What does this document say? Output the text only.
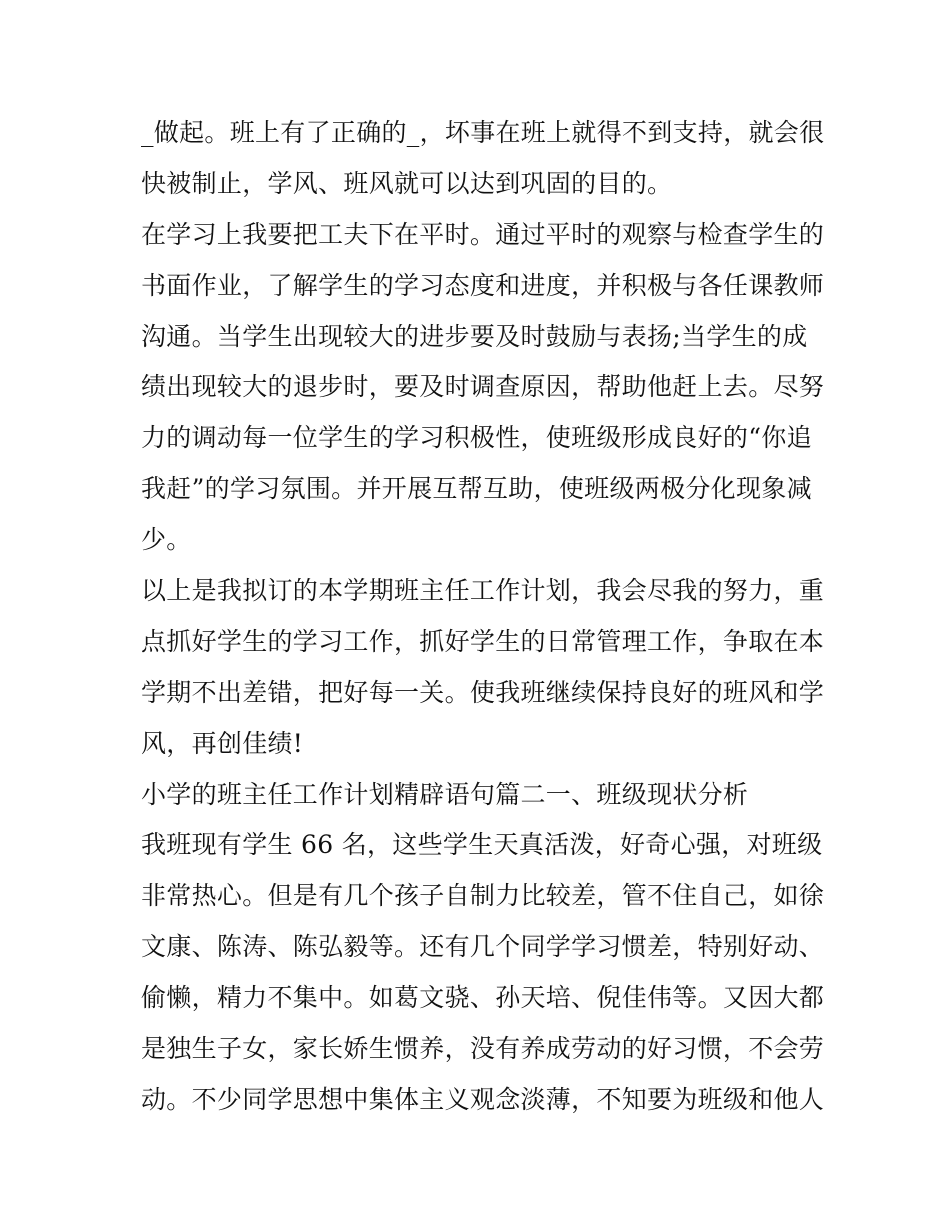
_做起。班上有了正确的_，坏事在班上就得不到支持，就会很
快被制止，学风、班风就可以达到巩固的目的。
在学习上我要把工夫下在平时。通过平时的观察与检查学生的
书面作业，了解学生的学习态度和进度，并积极与各任课教师
沟通。当学生出现较大的进步要及时鼓励与表扬;当学生的成
绩出现较大的退步时，要及时调查原因，帮助他赶上去。尽努
力的调动每一位学生的学习积极性，使班级形成良好的“你追
我赶”的学习氛围。并开展互帮互助，使班级两极分化现象减
少。
以上是我拟订的本学期班主任工作计划，我会尽我的努力，重
点抓好学生的学习工作，抓好学生的日常管理工作，争取在本
学期不出差错，把好每一关。使我班继续保持良好的班风和学
风，再创佳绩!
小学的班主任工作计划精辟语句篇二一、班级现状分析
我班现有学生 66 名，这些学生天真活泼，好奇心强，对班级
非常热心。但是有几个孩子自制力比较差，管不住自己，如徐
文康、陈涛、陈弘毅等。还有几个同学学习惯差，特别好动、
偷懒，精力不集中。如葛文骁、孙天培、倪佳伟等。又因大都
是独生子女，家长娇生惯养，没有养成劳动的好习惯，不会劳
动。不少同学思想中集体主义观念淡薄，不知要为班级和他人
